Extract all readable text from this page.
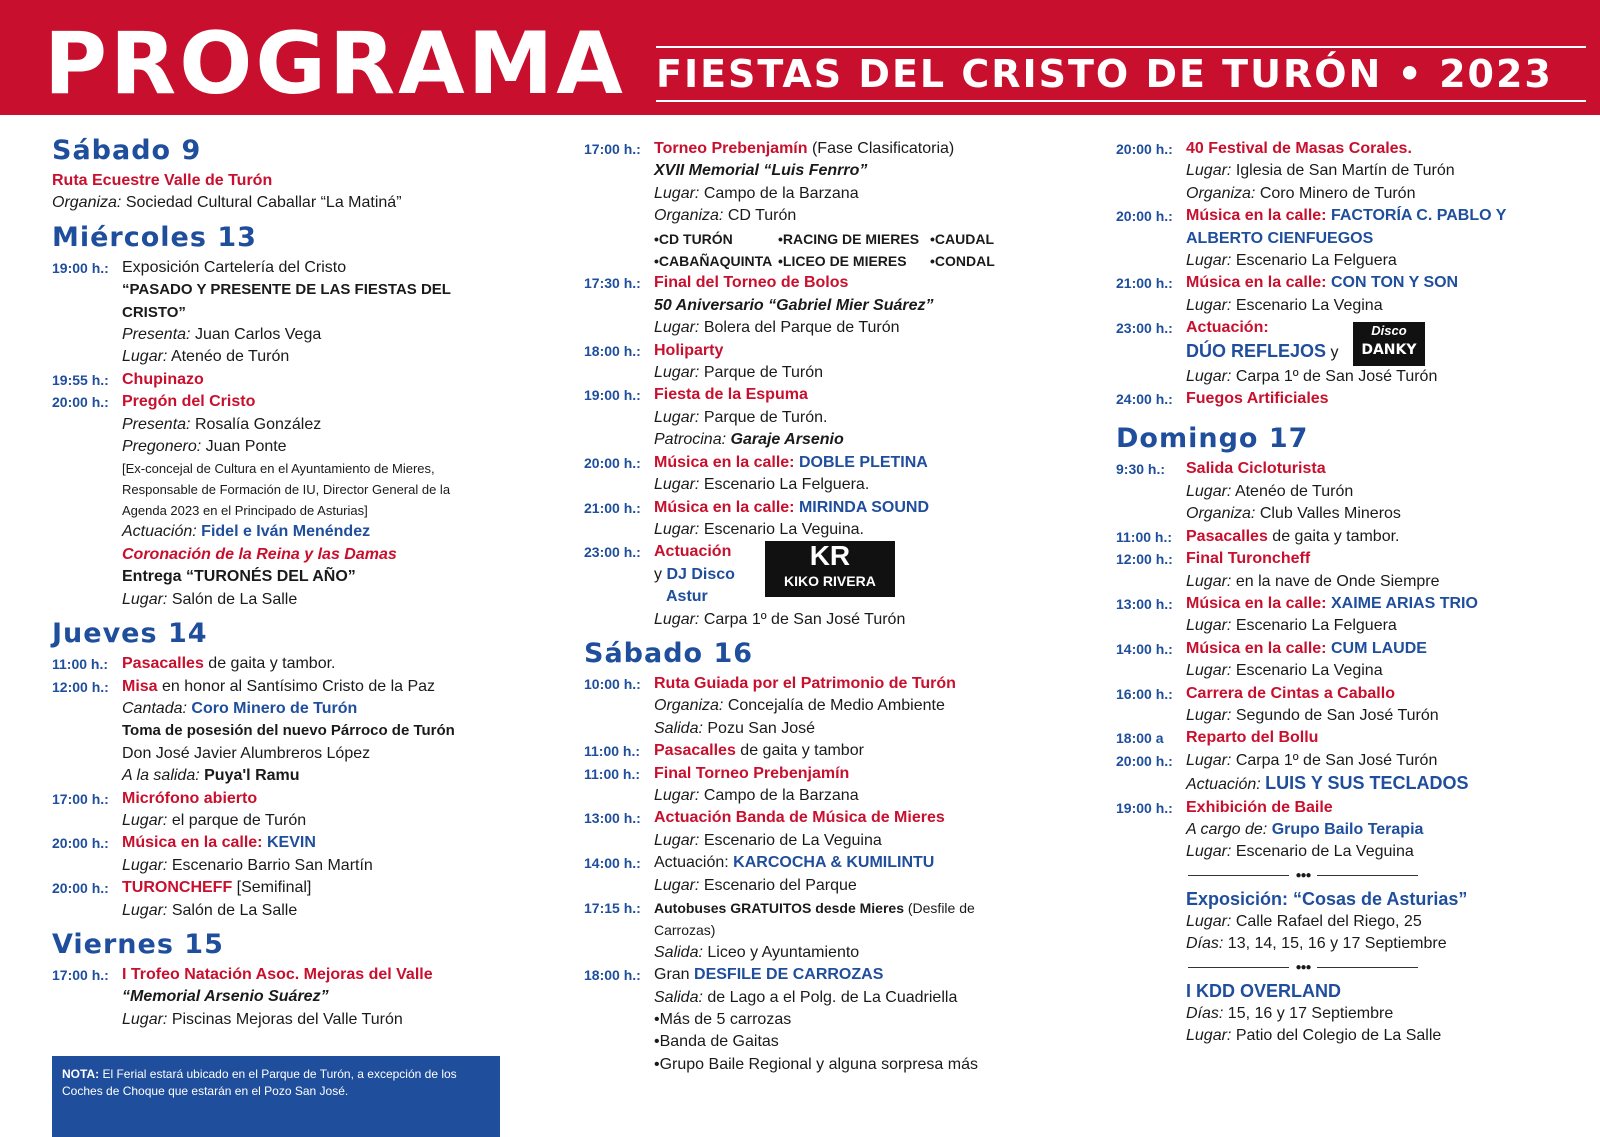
PROGRAMA FIESTAS DEL CRISTO DE TURÓN • 2023
Sábado 9
Ruta Ecuestre Valle de Turón
Organiza: Sociedad Cultural Caballar “La Matiná”
Miércoles 13
19:00 h.: Exposición Cartelería del Cristo
“PASADO Y PRESENTE DE LAS FIESTAS DEL CRISTO”
Presenta: Juan Carlos Vega
Lugar: Atenéo de Turón
19:55 h.: Chupinazo
20:00 h.: Pregón del Cristo
Presenta: Rosalía González
Pregonero: Juan Ponte
[Ex-concejal de Cultura en el Ayuntamiento de Mieres,
Responsable de Formación de IU, Director General de la
Agenda 2023 en el Principado de Asturias]
Actuación: Fidel e Iván Menéndez
Coronación de la Reina y las Damas
Entrega “TURONÉS DEL AÑO”
Lugar: Salón de La Salle
Jueves 14
11:00 h.: Pasacalles de gaita y tambor.
12:00 h.: Misa en honor al Santísimo Cristo de la Paz
Cantada: Coro Minero de Turón
Toma de posesión del nuevo Párroco de Turón
Don José Javier Alumbreros López
A la salida: Puya'l Ramu
17:00 h.: Micrófono abierto
Lugar: el parque de Turón
20:00 h.: Música en la calle: KEVIN
Lugar: Escenario Barrio San Martín
20:00 h.: TURONCHEFF [Semifinal]
Lugar: Salón de La Salle
Viernes 15
17:00 h.: I Trofeo Natación Asoc. Mejoras del Valle
“Memorial Arsenio Suárez”
Lugar: Piscinas Mejoras del Valle Turón
NOTA: El Ferial estará ubicado en el Parque de Turón, a excepción de los Coches de Choque que estarán en el Pozo San José.
17:00 h.: Torneo Prebenjamín (Fase Clasificatoria)
XVII Memorial “Luis Fenrro”
Lugar: Campo de la Barzana
Organiza: CD Turón
•CD TURÓN	•RACING DE MIERES •CAUDAL
•CABAÑAQUINTA •LICEO DE MIERES	•CONDAL
17:30 h.: Final del Torneo de Bolos
50 Aniversario “Gabriel Mier Suárez”
Lugar: Bolera del Parque de Turón
18:00 h.: Holiparty
Lugar: Parque de Turón
19:00 h.: Fiesta de la Espuma
Lugar: Parque de Turón.
Patrocina: Garaje Arsenio
20:00 h.: Música en la calle: DOBLE PLETINA
Lugar: Escenario La Felguera.
21:00 h.: Música en la calle: MIRINDA SOUND
Lugar: Escenario La Veguina.
23:00 h.: Actuación
y DJ Disco
Astur
KR
KIKO RIVERA
Lugar: Carpa 1º de San José Turón
Sábado 16
10:00 h.: Ruta Guiada por el Patrimonio de Turón
Organiza: Concejalía de Medio Ambiente
Salida: Pozu San José
11:00 h.: Pasacalles de gaita y tambor
11:00 h.: Final Torneo Prebenjamín
Lugar: Campo de la Barzana
13:00 h.: Actuación Banda de Música de Mieres
Lugar: Escenario de La Veguina
14:00 h.: Actuación: KARCOCHA & KUMILINTU
Lugar: Escenario del Parque
17:15 h.: Autobuses GRATUITOS desde Mieres (Desfile de Carrozas)
Salida: Liceo y Ayuntamiento
18:00 h.: Gran DESFILE DE CARROZAS
Salida: de Lago a el Polg. de La Cuadriella
•Más de 5 carrozas
•Banda de Gaitas
•Grupo Baile Regional y alguna sorpresa más
20:00 h.: 40 Festival de Masas Corales.
Lugar: Iglesia de San Martín de Turón
Organiza: Coro Minero de Turón
20:00 h.: Música en la calle: FACTORÍA C. PABLO Y
ALBERTO CIENFUEGOS
Lugar: Escenario La Felguera
21:00 h.: Música en la calle: CON TON Y SON
Lugar: Escenario La Vegina
23:00 h.: Actuación:
DÚO REFLEJOS y
Disco
DANKY
Lugar: Carpa 1º de San José Turón
24:00 h.: Fuegos Artificiales
Domingo 17
9:30 h.:	Salida Cicloturista
Lugar: Atenéo de Turón
Organiza: Club Valles Mineros
11:00 h.: Pasacalles de gaita y tambor.
12:00 h.: Final Turoncheff
Lugar: en la nave de Onde Siempre
13:00 h.: Música en la calle: XAIME ARIAS TRIO
Lugar: Escenario La Felguera
14:00 h.: Música en la calle: CUM LAUDE
Lugar: Escenario La Vegina
16:00 h.: Carrera de Cintas a Caballo
Lugar: Segundo de San José Turón
18:00 a	Reparto del Bollu
20:00 h.: Lugar: Carpa 1º de San José Turón
Actuación: LUIS Y SUS TECLADOS
19:00 h.: Exhibición de Baile
A cargo de: Grupo Bailo Terapia
Lugar: Escenario de La Veguina
●●●
Exposición: “Cosas de Asturias”
Lugar: Calle Rafael del Riego, 25
Días: 13, 14, 15, 16 y 17 Septiembre
●●●
I KDD OVERLAND
Días: 15, 16 y 17 Septiembre
Lugar: Patio del Colegio de La Salle
